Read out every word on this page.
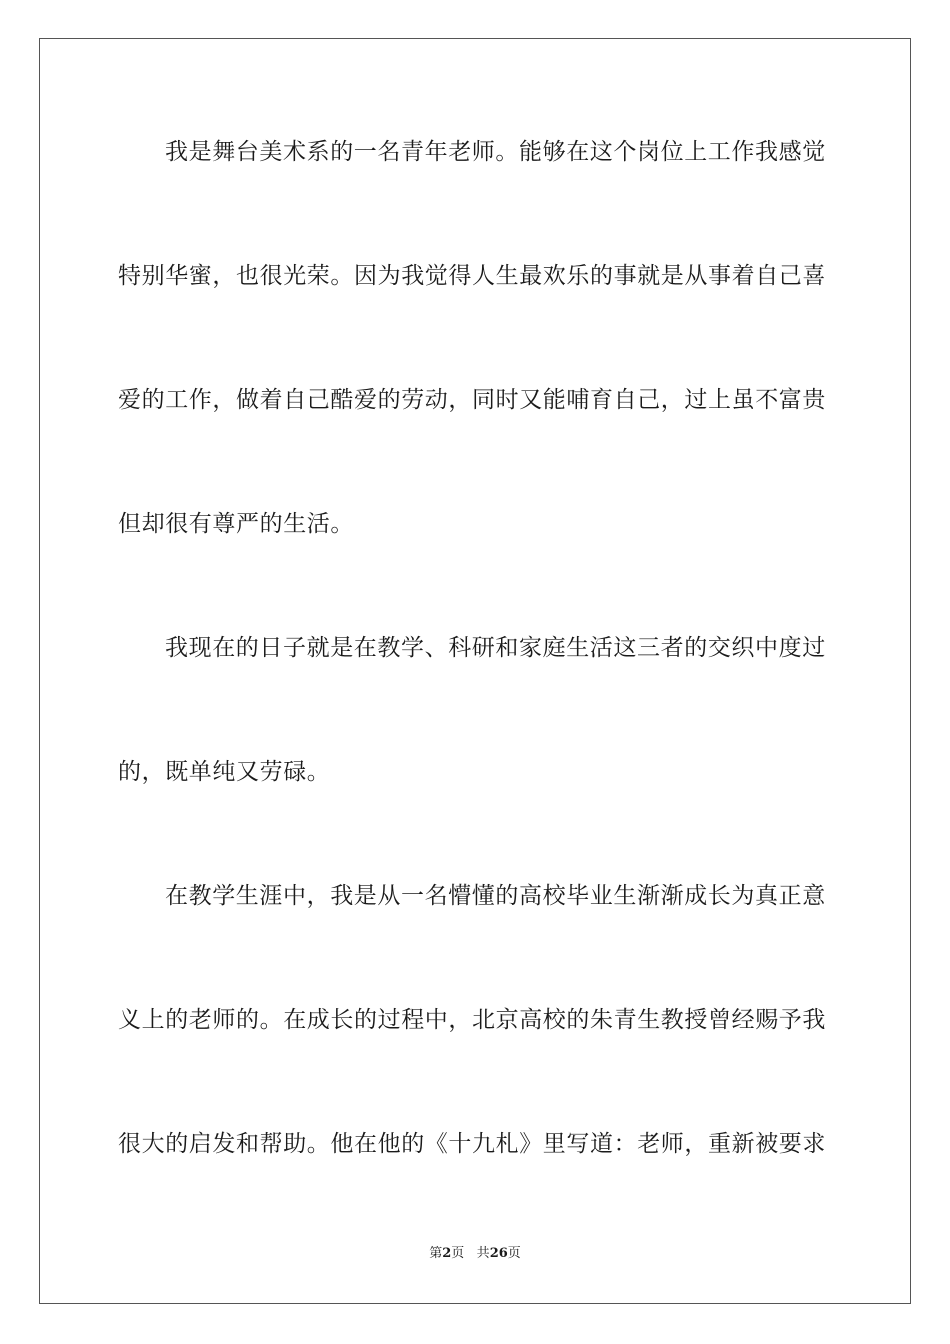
我是舞台美术系的一名青年老师。能够在这个岗位上工作我感觉
特别华蜜，也很光荣。因为我觉得人生最欢乐的事就是从事着自己喜
爱的工作，做着自己酷爱的劳动，同时又能哺育自己，过上虽不富贵
但却很有尊严的生活。
我现在的日子就是在教学、科研和家庭生活这三者的交织中度过
的，既单纯又劳碌。
在教学生涯中，我是从一名懵懂的高校毕业生渐渐成长为真正意
义上的老师的。在成长的过程中，北京高校的朱青生教授曾经赐予我
很大的启发和帮助。他在他的《十九札》里写道：老师，重新被要求
第2页 共26页
